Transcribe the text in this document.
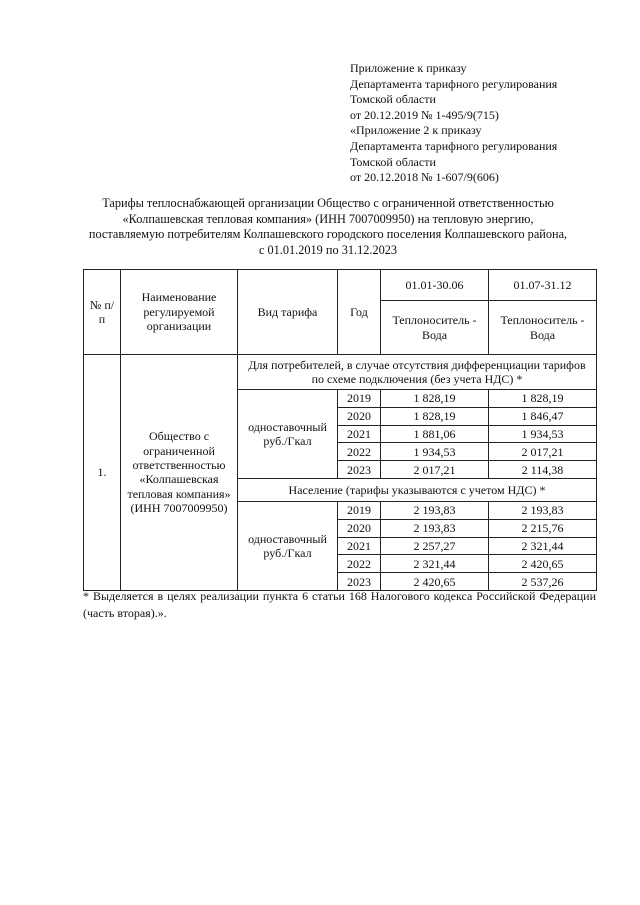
Приложение к приказу
Департамента тарифного регулирования
Томской области
от 20.12.2019 № 1-495/9(715)
«Приложение 2 к приказу
Департамента тарифного регулирования
Томской области
от 20.12.2018 № 1-607/9(606)
Тарифы теплоснабжающей организации Общество с ограниченной ответственностью «Колпашевская тепловая компания» (ИНН 7007009950) на тепловую энергию, поставляемую потребителям Колпашевского городского поселения Колпашевского района, с 01.01.2019 по 31.12.2023
№ п/п	Наименование регулируемой организации	Вид тарифа	Год	01.01-30.06	01.07-31.12
				Теплоноситель - Вода	Теплоноситель - Вода
1.	Общество с ограниченной ответственностью «Колпашевская тепловая компания» (ИНН 7007009950)	Для потребителей, в случае отсутствия дифференциации тарифов по схеме подключения (без учета НДС) *			
		одноставочный руб./Гкал	2019	1 828,19	1 828,19
			2020	1 828,19	1 846,47
			2021	1 881,06	1 934,53
			2022	1 934,53	2 017,21
			2023	2 017,21	2 114,38
		Население (тарифы указываются с учетом НДС) *			
		одноставочный руб./Гкал	2019	2 193,83	2 193,83
			2020	2 193,83	2 215,76
			2021	2 257,27	2 321,44
			2022	2 321,44	2 420,65
			2023	2 420,65	2 537,26
* Выделяется в целях реализации пункта 6 статьи 168 Налогового кодекса Российской Федерации (часть вторая).».
